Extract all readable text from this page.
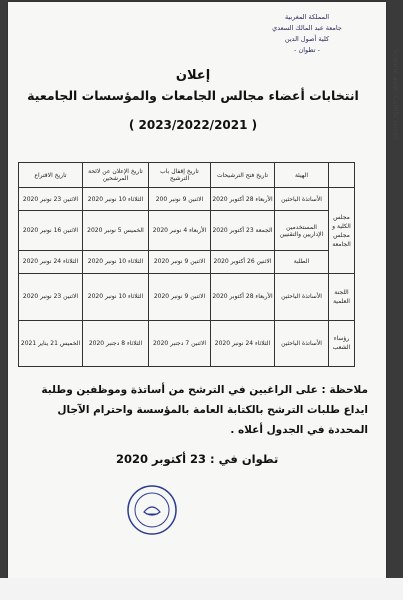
المملكة المغربية
جامعة عبد المالك السعدي
كلية أصول الدين
- تطوان -
إعلان
انتخابات أعضاء مجالس الجامعات والمؤسسات الجامعية
( 2023/2022/2021 )
	الهيئة	تاريخ فتح الترشيحات	تاريخ إقفال باب الترشيح	تاريخ الإعلان عن لائحة المرشحين	تاريخ الاقتراع
مجلس الكلية و مجلس الجامعة	الأساتذة الباحثين	الأربعاء 28 أكتوبر 2020	الاثنين 9 نونبر 200	الثلاثاء 10 نونبر 2020	الاثنين 23 نونبر 2020
	المستخدمين الإداريين والتقنيين	الجمعة 23 أكتوبر 2020	الأربعاء 4 نونبر 2020	الخميس 5 نونبر 2020	الاثنين 16 نونبر 2020
	الطلبة	الاثنين 26 أكتوبر 2020	الاثنين 9 نونبر 2020	الثلاثاء 10 نونبر 2020	الثلاثاء 24 نونبر 2020
اللجنة العلمية	الأساتذة الباحثين	الأربعاء 28 أكتوبر 2020	الاثنين 9 نونبر 2020	الثلاثاء 10 نونبر 2020	الاثنين 23 نونبر 2020
رؤساء الشعب	الأساتذة الباحثين	الثلاثاء 24 نونبر 2020	الاثنين 7 دجنبر 2020	الثلاثاء 8 دجنبر 2020	الخميس 21 يناير 2021
ملاحظة : على الراغبين في الترشح من أساتذة وموظفين وطلبة ايداع طلبات الترشح بالكتابة العامة بالمؤسسة واحترام الآجال المحددة في الجدول أعلاه .
تطوان في : 23 أكتوبر 2020
Scanné avec CamScanner
